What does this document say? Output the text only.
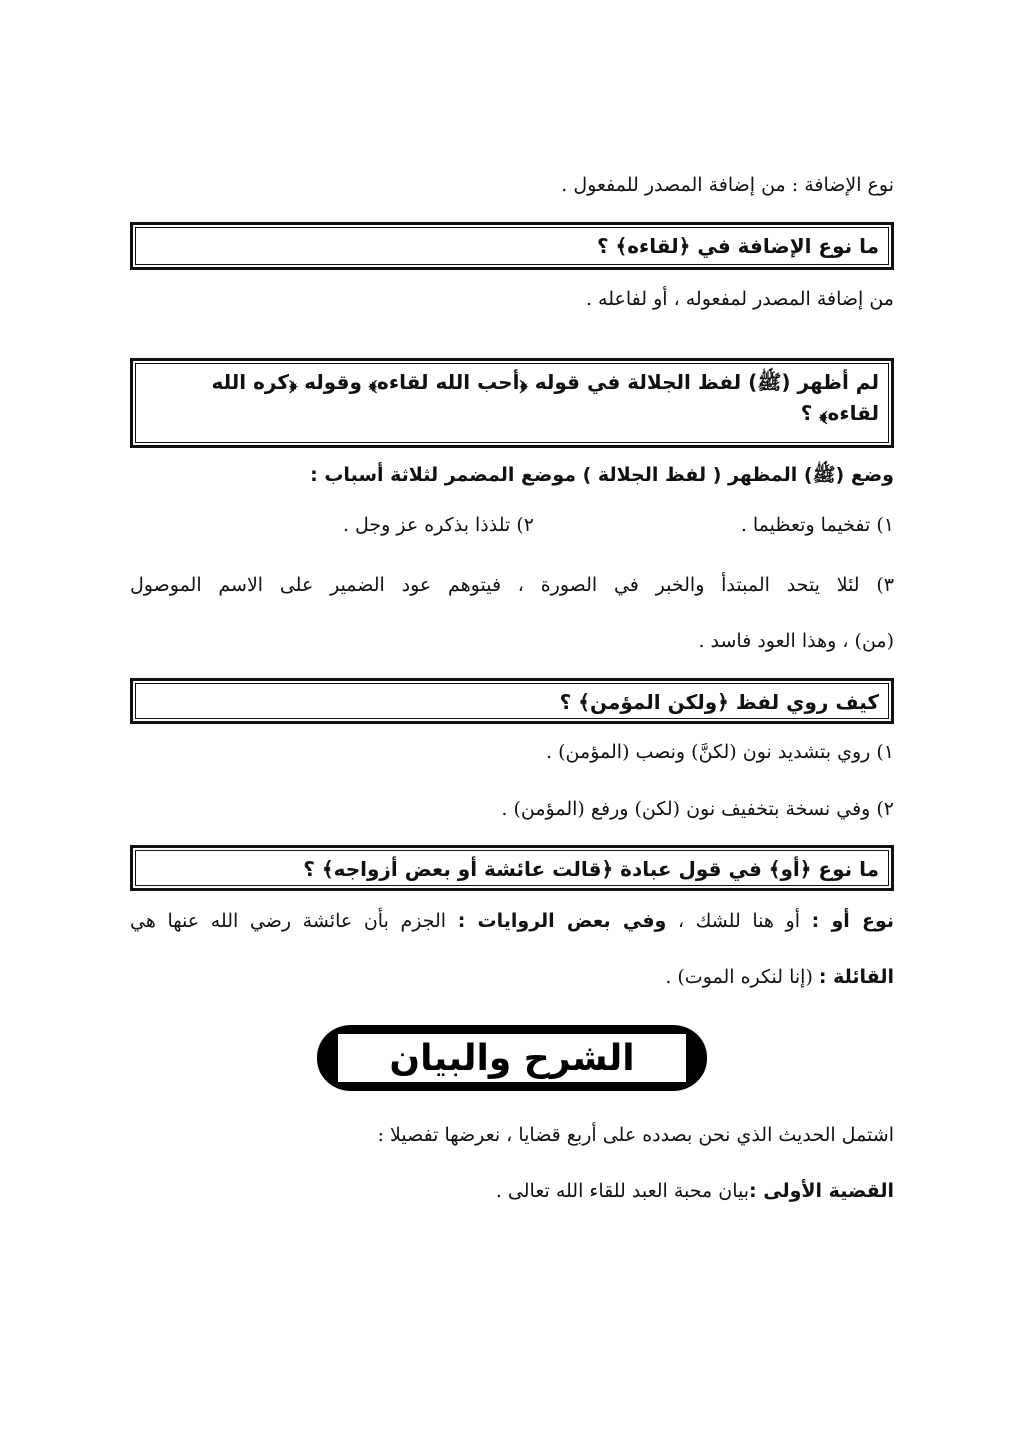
نوع الإضافة : من إضافة المصدر للمفعول .
ما نوع الإضافة في ﴿لقاءه﴾ ؟
من إضافة المصدر لمفعوله ، أو لفاعله .
لم أظهر (ﷺ) لفظ الجلالة في قوله ﴿أحب الله لقاءه﴾ وقوله ﴿كره الله لقاءه﴾ ؟
وضع (ﷺ) المظهر ( لفظ الجلالة ) موضع المضمر لثلاثة أسباب :
١) تفخيما وتعظيما .
٢) تلذذا بذكره عز وجل .
٣) لئلا يتحد المبتدأ والخبر في الصورة ، فيتوهم عود الضمير على الاسم الموصول
(من) ، وهذا العود فاسد .
كيف روي لفظ ﴿ولكن المؤمن﴾ ؟
١) روي بتشديد نون (لكنَّ) ونصب (المؤمن) .
٢) وفي نسخة بتخفيف نون (لكن) ورفع (المؤمن) .
ما نوع ﴿أو﴾ في قول عبادة ﴿قالت عائشة أو بعض أزواجه﴾ ؟
نوع أو : أو هنا للشك ، وفي بعض الروايات : الجزم بأن عائشة رضي الله عنها هي
القائلة : (إنا لنكره الموت) .
الشرح والبيان
اشتمل الحديث الذي نحن بصدده على أربع قضايا ، نعرضها تفصيلا :
القضية الأولى :بيان محبة العبد للقاء الله تعالى .
